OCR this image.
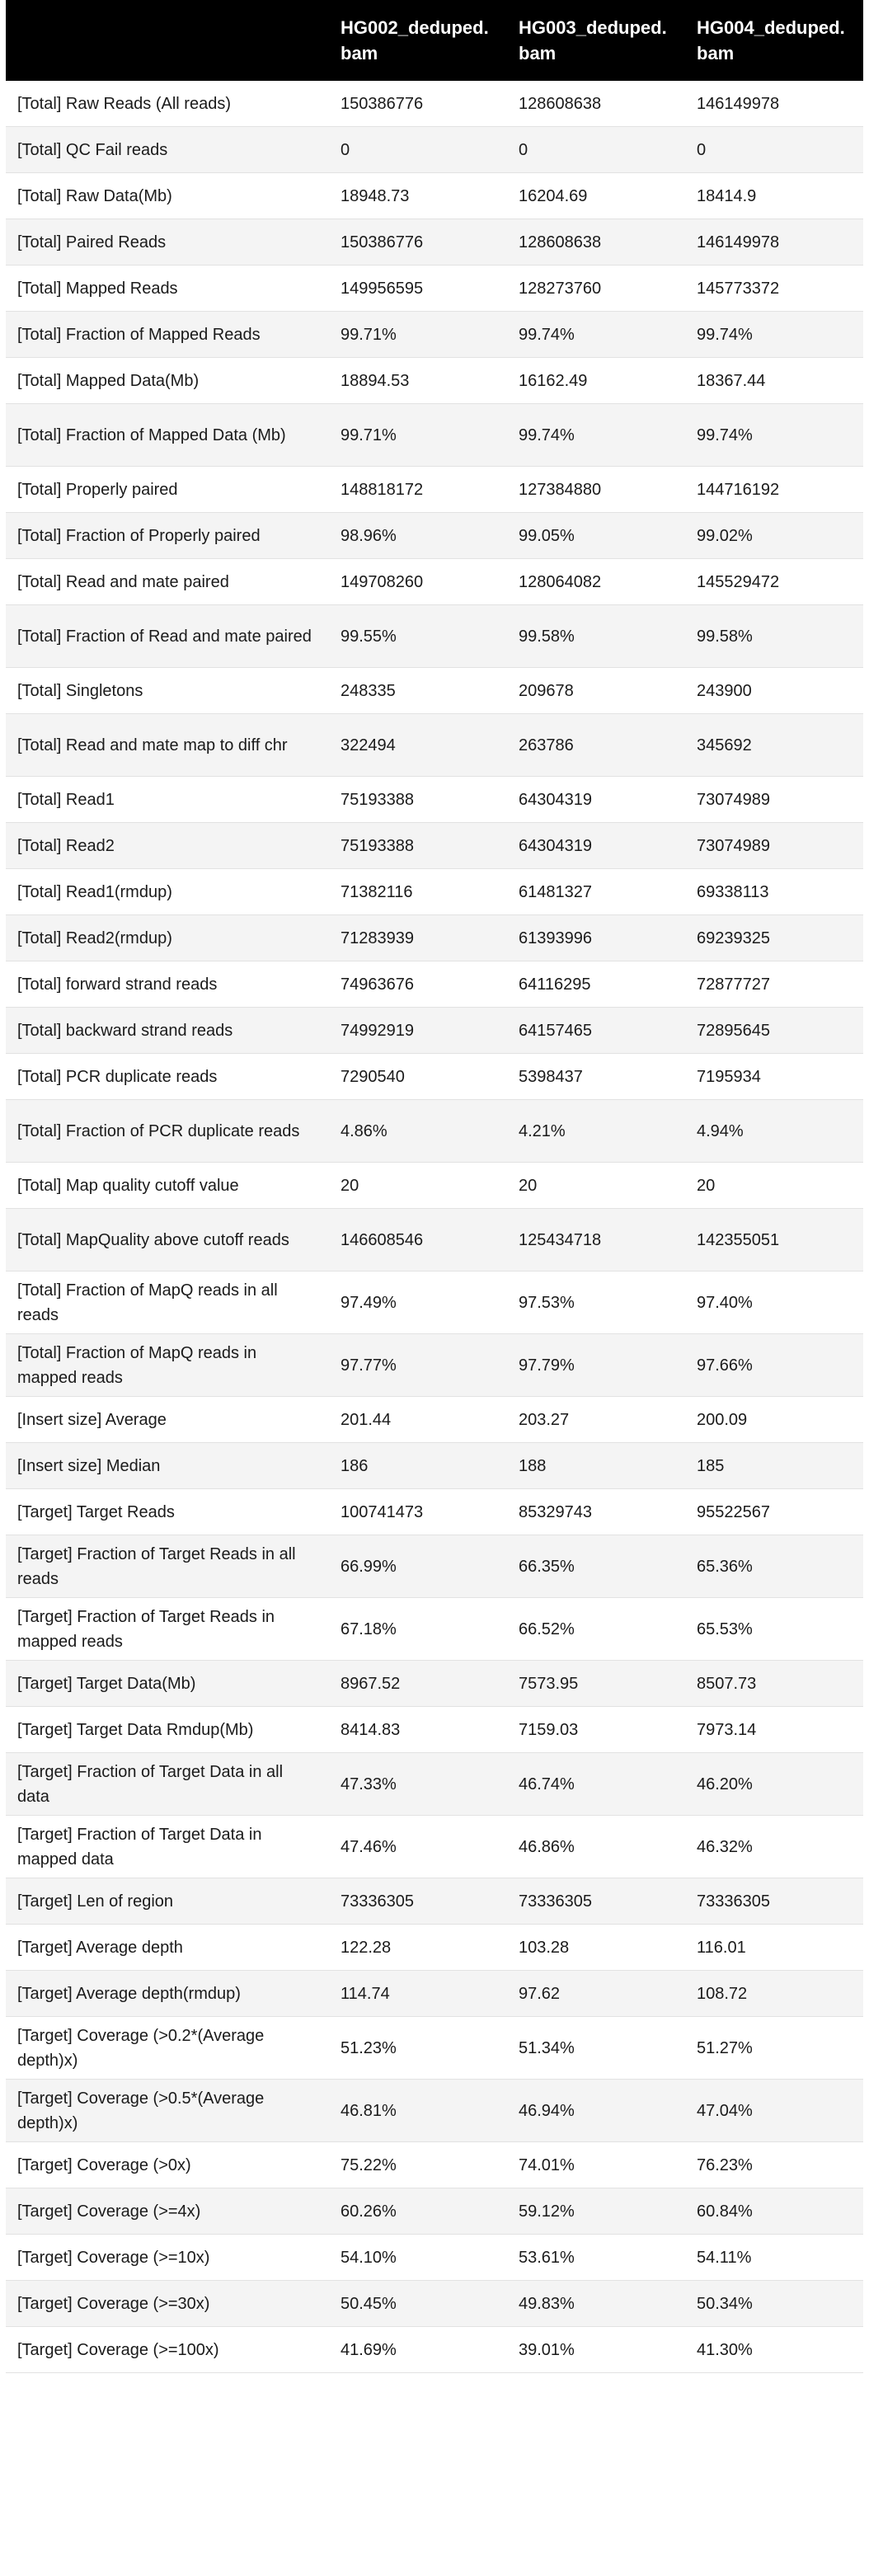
	HG002_deduped.bam	HG003_deduped.bam	HG004_deduped.bam
[Total] Raw Reads (All reads)	150386776	128608638	146149978
[Total] QC Fail reads	0	0	0
[Total] Raw Data(Mb)	18948.73	16204.69	18414.9
[Total] Paired Reads	150386776	128608638	146149978
[Total] Mapped Reads	149956595	128273760	145773372
[Total] Fraction of Mapped Reads	99.71%	99.74%	99.74%
[Total] Mapped Data(Mb)	18894.53	16162.49	18367.44
[Total] Fraction of Mapped Data (Mb)	99.71%	99.74%	99.74%
[Total] Properly paired	148818172	127384880	144716192
[Total] Fraction of Properly paired	98.96%	99.05%	99.02%
[Total] Read and mate paired	149708260	128064082	145529472
[Total] Fraction of Read and mate paired	99.55%	99.58%	99.58%
[Total] Singletons	248335	209678	243900
[Total] Read and mate map to diff chr	322494	263786	345692
[Total] Read1	75193388	64304319	73074989
[Total] Read2	75193388	64304319	73074989
[Total] Read1(rmdup)	71382116	61481327	69338113
[Total] Read2(rmdup)	71283939	61393996	69239325
[Total] forward strand reads	74963676	64116295	72877727
[Total] backward strand reads	74992919	64157465	72895645
[Total] PCR duplicate reads	7290540	5398437	7195934
[Total] Fraction of PCR duplicate reads	4.86%	4.21%	4.94%
[Total] Map quality cutoff value	20	20	20
[Total] MapQuality above cutoff reads	146608546	125434718	142355051
[Total] Fraction of MapQ reads in all reads	97.49%	97.53%	97.40%
[Total] Fraction of MapQ reads in mapped reads	97.77%	97.79%	97.66%
[Insert size] Average	201.44	203.27	200.09
[Insert size] Median	186	188	185
[Target] Target Reads	100741473	85329743	95522567
[Target] Fraction of Target Reads in all reads	66.99%	66.35%	65.36%
[Target] Fraction of Target Reads in mapped reads	67.18%	66.52%	65.53%
[Target] Target Data(Mb)	8967.52	7573.95	8507.73
[Target] Target Data Rmdup(Mb)	8414.83	7159.03	7973.14
[Target] Fraction of Target Data in all data	47.33%	46.74%	46.20%
[Target] Fraction of Target Data in mapped data	47.46%	46.86%	46.32%
[Target] Len of region	73336305	73336305	73336305
[Target] Average depth	122.28	103.28	116.01
[Target] Average depth(rmdup)	114.74	97.62	108.72
[Target] Coverage (>0.2*(Average depth)x)	51.23%	51.34%	51.27%
[Target] Coverage (>0.5*(Average depth)x)	46.81%	46.94%	47.04%
[Target] Coverage (>0x)	75.22%	74.01%	76.23%
[Target] Coverage (>=4x)	60.26%	59.12%	60.84%
[Target] Coverage (>=10x)	54.10%	53.61%	54.11%
[Target] Coverage (>=30x)	50.45%	49.83%	50.34%
[Target] Coverage (>=100x)	41.69%	39.01%	41.30%
